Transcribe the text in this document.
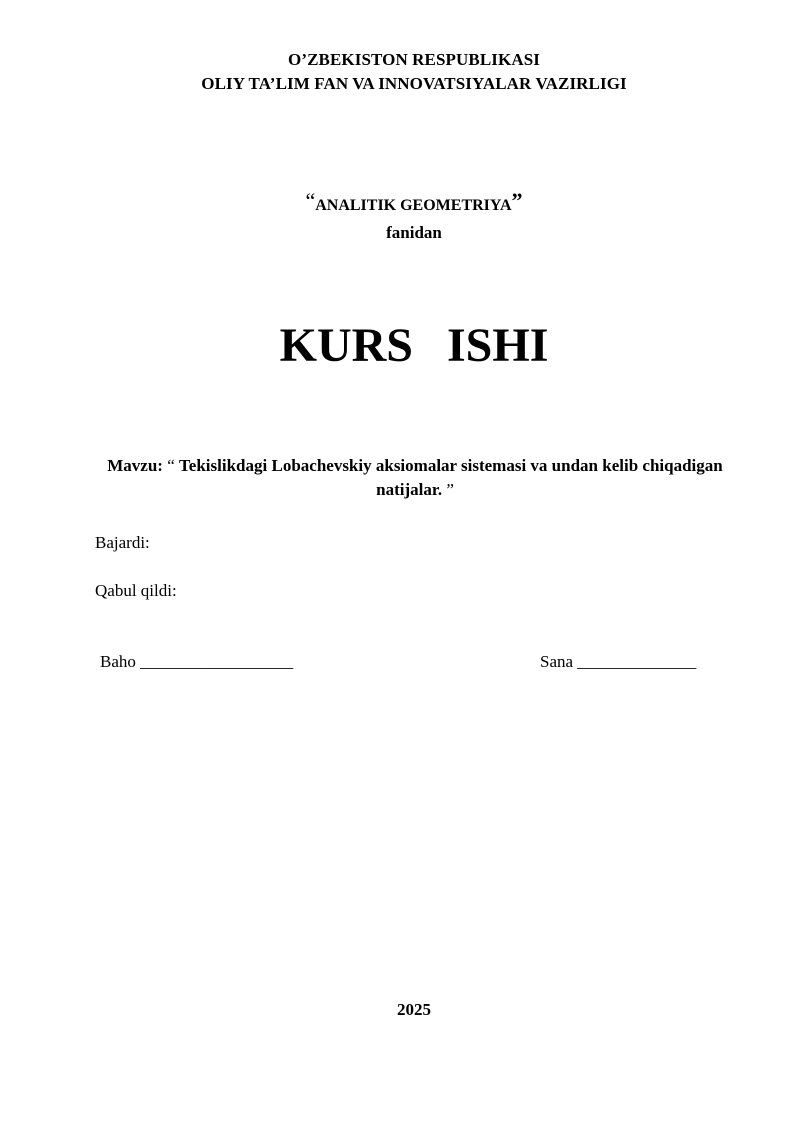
O’ZBEKISTON RESPUBLIKASI
OLIY TA’LIM FAN VA INNOVATSIYALAR VAZIRLIGI
“ANALITIK GEOMETRIYA”
fanidan
KURS ISHI
Mavzu: “ Tekislikdagi Lobachevskiy aksiomalar sistemasi va undan kelib chiqadigan natijalar. ”
Bajardi:
Qabul qildi:
Baho __________________	Sana ______________
2025
